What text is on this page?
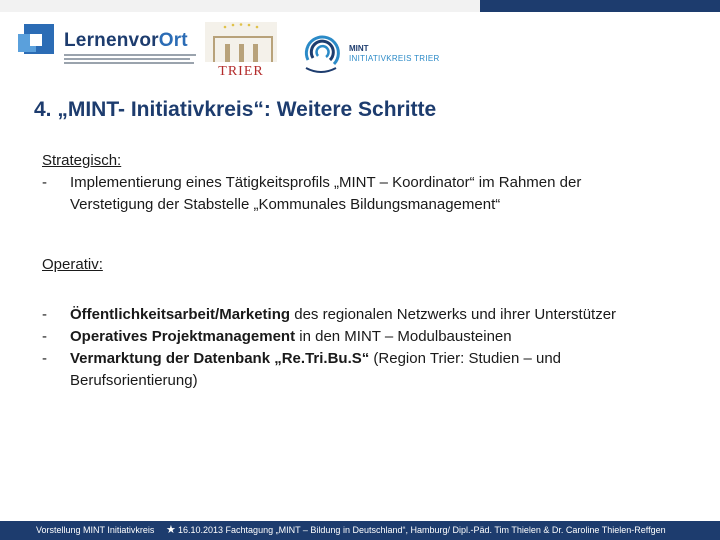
LernenvorOrt
TRIER
MINT
INITIATIVKREIS TRIER
4. „MINT- Initiativkreis“: Weitere Schritte

Strategisch:

- Implementierung eines Tätigkeitsprofils „MINT – Koordinator“ im Rahmen der
Verstetigung der Stabstelle „Kommunales Bildungsmanagement“

Operativ:

- Öffentlichkeitsarbeit/Marketing des regionalen Netzwerks und ihrer Unterstützer
- Operatives Projektmanagement in den MINT – Modulbausteinen
- Vermarktung der Datenbank „Re.Tri.Bu.S“ (Region Trier: Studien – und
Berufsorientierung)
Vorstellung MINT Initiativkreis ★ 16.10.2013 Fachtagung „MINT – Bildung in Deutschland“, Hamburg/ Dipl.-Päd. Tim Thielen & Dr. Caroline Thielen-Reffgen
